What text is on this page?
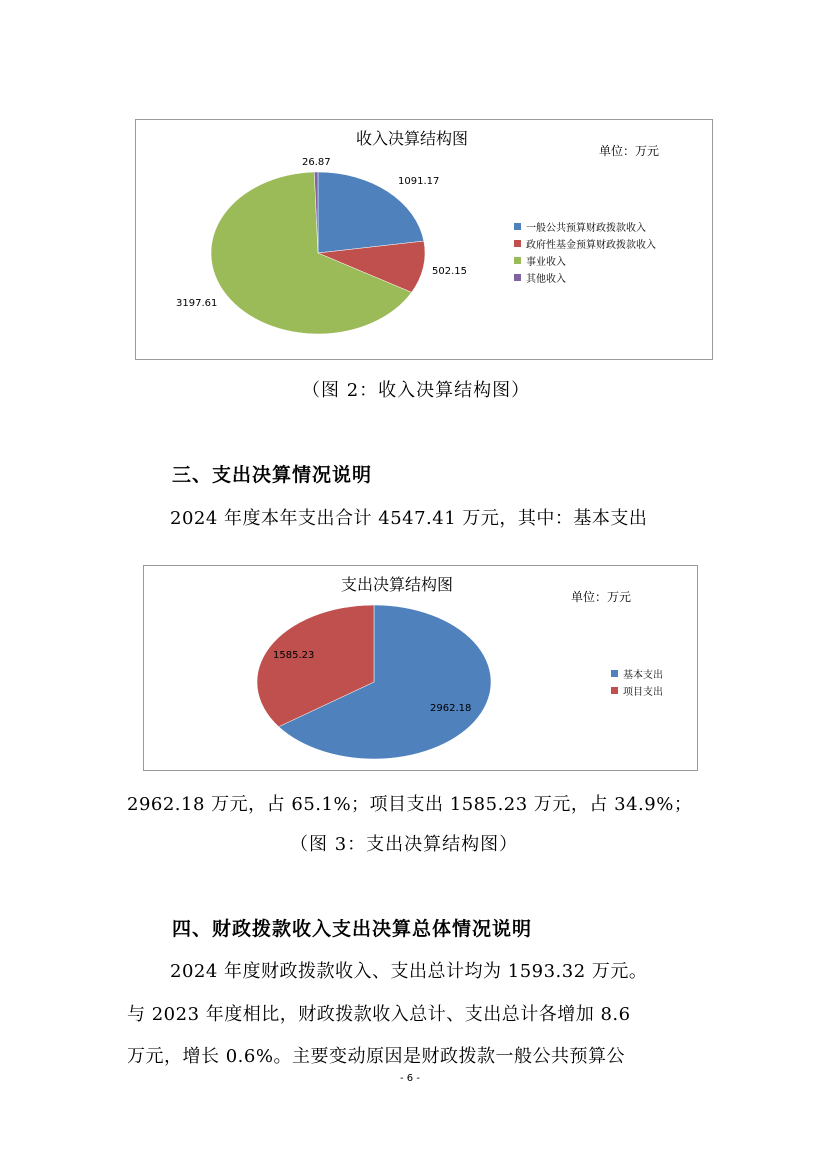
收入决算结构图
单位：万元
1091.17
502.15
3197.61
26.87
一般公共预算财政拨款收入
政府性基金预算财政拨款收入
事业收入
其他收入
（图 2：收入决算结构图）
三、支出决算情况说明
2024 年度本年支出合计 4547.41 万元，其中：基本支出
支出决算结构图
单位：万元
2962.18
1585.23
基本支出
项目支出
2962.18 万元，占 65.1%；项目支出 1585.23 万元，占 34.9%；
（图 3：支出决算结构图）
四、财政拨款收入支出决算总体情况说明
2024 年度财政拨款收入、支出总计均为 1593.32 万元。
与 2023 年度相比，财政拨款收入总计、支出总计各增加 8.6
万元，增长 0.6%。主要变动原因是财政拨款一般公共预算公
- 6 -
